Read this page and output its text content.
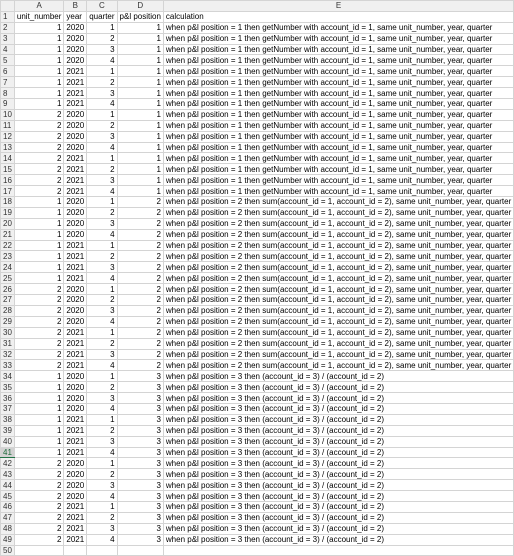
	A	B	C	D	E
1	unit_number	year	quarter	p&l position	calculation
2	1	2020	1	1	when p&l position = 1 then getNumber with account_id = 1, same unit_number, year, quarter
3	1	2020	2	1	when p&l position = 1 then getNumber with account_id = 1, same unit_number, year, quarter
4	1	2020	3	1	when p&l position = 1 then getNumber with account_id = 1, same unit_number, year, quarter
5	1	2020	4	1	when p&l position = 1 then getNumber with account_id = 1, same unit_number, year, quarter
6	1	2021	1	1	when p&l position = 1 then getNumber with account_id = 1, same unit_number, year, quarter
7	1	2021	2	1	when p&l position = 1 then getNumber with account_id = 1, same unit_number, year, quarter
8	1	2021	3	1	when p&l position = 1 then getNumber with account_id = 1, same unit_number, year, quarter
9	1	2021	4	1	when p&l position = 1 then getNumber with account_id = 1, same unit_number, year, quarter
10	2	2020	1	1	when p&l position = 1 then getNumber with account_id = 1, same unit_number, year, quarter
11	2	2020	2	1	when p&l position = 1 then getNumber with account_id = 1, same unit_number, year, quarter
12	2	2020	3	1	when p&l position = 1 then getNumber with account_id = 1, same unit_number, year, quarter
13	2	2020	4	1	when p&l position = 1 then getNumber with account_id = 1, same unit_number, year, quarter
14	2	2021	1	1	when p&l position = 1 then getNumber with account_id = 1, same unit_number, year, quarter
15	2	2021	2	1	when p&l position = 1 then getNumber with account_id = 1, same unit_number, year, quarter
16	2	2021	3	1	when p&l position = 1 then getNumber with account_id = 1, same unit_number, year, quarter
17	2	2021	4	1	when p&l position = 1 then getNumber with account_id = 1, same unit_number, year, quarter
18	1	2020	1	2	when p&l position = 2 then sum(account_id = 1, account_id = 2), same unit_number, year, quarter
19	1	2020	2	2	when p&l position = 2 then sum(account_id = 1, account_id = 2), same unit_number, year, quarter
20	1	2020	3	2	when p&l position = 2 then sum(account_id = 1, account_id = 2), same unit_number, year, quarter
21	1	2020	4	2	when p&l position = 2 then sum(account_id = 1, account_id = 2), same unit_number, year, quarter
22	1	2021	1	2	when p&l position = 2 then sum(account_id = 1, account_id = 2), same unit_number, year, quarter
23	1	2021	2	2	when p&l position = 2 then sum(account_id = 1, account_id = 2), same unit_number, year, quarter
24	1	2021	3	2	when p&l position = 2 then sum(account_id = 1, account_id = 2), same unit_number, year, quarter
25	1	2021	4	2	when p&l position = 2 then sum(account_id = 1, account_id = 2), same unit_number, year, quarter
26	2	2020	1	2	when p&l position = 2 then sum(account_id = 1, account_id = 2), same unit_number, year, quarter
27	2	2020	2	2	when p&l position = 2 then sum(account_id = 1, account_id = 2), same unit_number, year, quarter
28	2	2020	3	2	when p&l position = 2 then sum(account_id = 1, account_id = 2), same unit_number, year, quarter
29	2	2020	4	2	when p&l position = 2 then sum(account_id = 1, account_id = 2), same unit_number, year, quarter
30	2	2021	1	2	when p&l position = 2 then sum(account_id = 1, account_id = 2), same unit_number, year, quarter
31	2	2021	2	2	when p&l position = 2 then sum(account_id = 1, account_id = 2), same unit_number, year, quarter
32	2	2021	3	2	when p&l position = 2 then sum(account_id = 1, account_id = 2), same unit_number, year, quarter
33	2	2021	4	2	when p&l position = 2 then sum(account_id = 1, account_id = 2), same unit_number, year, quarter
34	1	2020	1	3	when p&l position = 3 then (account_id = 3) / (account_id = 2)
35	1	2020	2	3	when p&l position = 3 then (account_id = 3) / (account_id = 2)
36	1	2020	3	3	when p&l position = 3 then (account_id = 3) / (account_id = 2)
37	1	2020	4	3	when p&l position = 3 then (account_id = 3) / (account_id = 2)
38	1	2021	1	3	when p&l position = 3 then (account_id = 3) / (account_id = 2)
39	1	2021	2	3	when p&l position = 3 then (account_id = 3) / (account_id = 2)
40	1	2021	3	3	when p&l position = 3 then (account_id = 3) / (account_id = 2)
41	1	2021	4	3	when p&l position = 3 then (account_id = 3) / (account_id = 2)
42	2	2020	1	3	when p&l position = 3 then (account_id = 3) / (account_id = 2)
43	2	2020	2	3	when p&l position = 3 then (account_id = 3) / (account_id = 2)
44	2	2020	3	3	when p&l position = 3 then (account_id = 3) / (account_id = 2)
45	2	2020	4	3	when p&l position = 3 then (account_id = 3) / (account_id = 2)
46	2	2021	1	3	when p&l position = 3 then (account_id = 3) / (account_id = 2)
47	2	2021	2	3	when p&l position = 3 then (account_id = 3) / (account_id = 2)
48	2	2021	3	3	when p&l position = 3 then (account_id = 3) / (account_id = 2)
49	2	2021	4	3	when p&l position = 3 then (account_id = 3) / (account_id = 2)
50					
